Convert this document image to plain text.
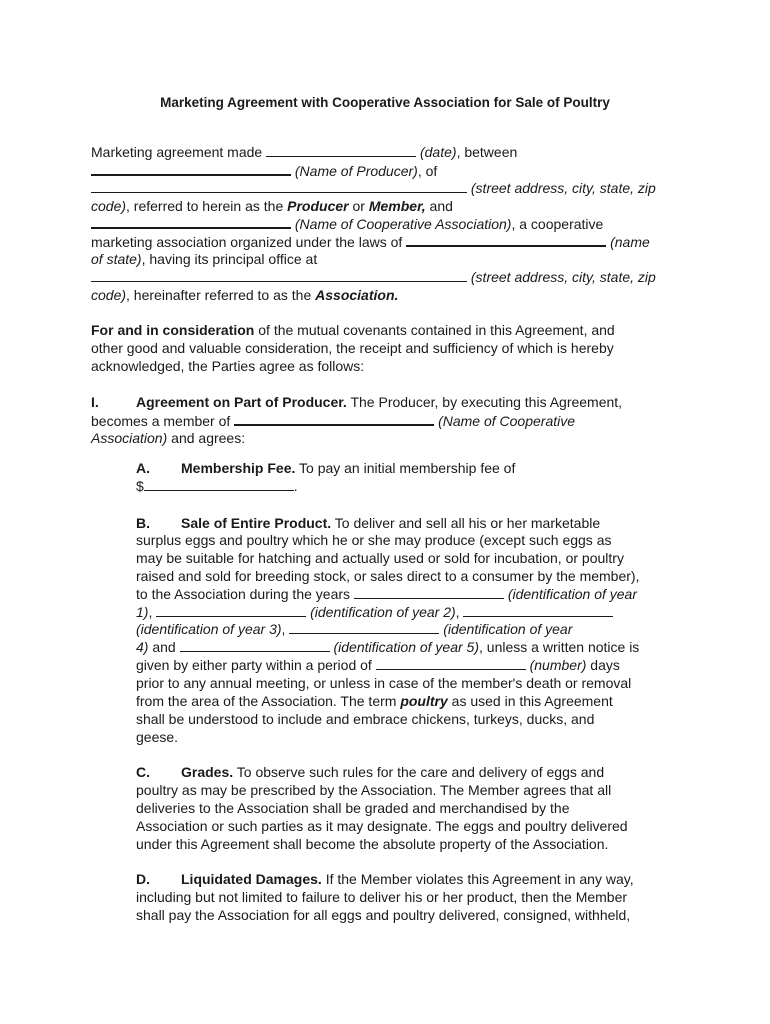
Marketing Agreement with Cooperative Association for Sale of Poultry
Marketing agreement made	(date), between
(Name of Producer), of
(street address, city, state, zip
code), referred to herein as the Producer or Member, and
(Name of Cooperative Association), a cooperative
marketing association organized under the laws of	(name
of state), having its principal office at
(street address, city, state, zip
code), hereinafter referred to as the Association.
For and in consideration of the mutual covenants contained in this Agreement, and
other good and valuable consideration, the receipt and sufficiency of which is hereby
acknowledged, the Parties agree as follows:
I.	Agreement on Part of Producer. The Producer, by executing this Agreement,
becomes a member of	(Name of Cooperative
Association) and agrees:
A. Membership Fee. To pay an initial membership fee of
$	.
B. Sale of Entire Product. To deliver and sell all his or her marketable
surplus eggs and poultry which he or she may produce (except such eggs as
may be suitable for hatching and actually used or sold for incubation, or poultry
raised and sold for breeding stock, or sales direct to a consumer by the member),
to the Association during the years	(identification of year
1),	(identification of year 2),
(identification of year 3),	(identification of year
4) and	(identification of year 5), unless a written notice is
given by either party within a period of	(number) days
prior to any annual meeting, or unless in case of the member's death or removal
from the area of the Association. The term poultry as used in this Agreement
shall be understood to include and embrace chickens, turkeys, ducks, and
geese.
C. Grades. To observe such rules for the care and delivery of eggs and
poultry as may be prescribed by the Association. The Member agrees that all
deliveries to the Association shall be graded and merchandised by the
Association or such parties as it may designate. The eggs and poultry delivered
under this Agreement shall become the absolute property of the Association.
D. Liquidated Damages. If the Member violates this Agreement in any way,
including but not limited to failure to deliver his or her product, then the Member
shall pay the Association for all eggs and poultry delivered, consigned, withheld,
